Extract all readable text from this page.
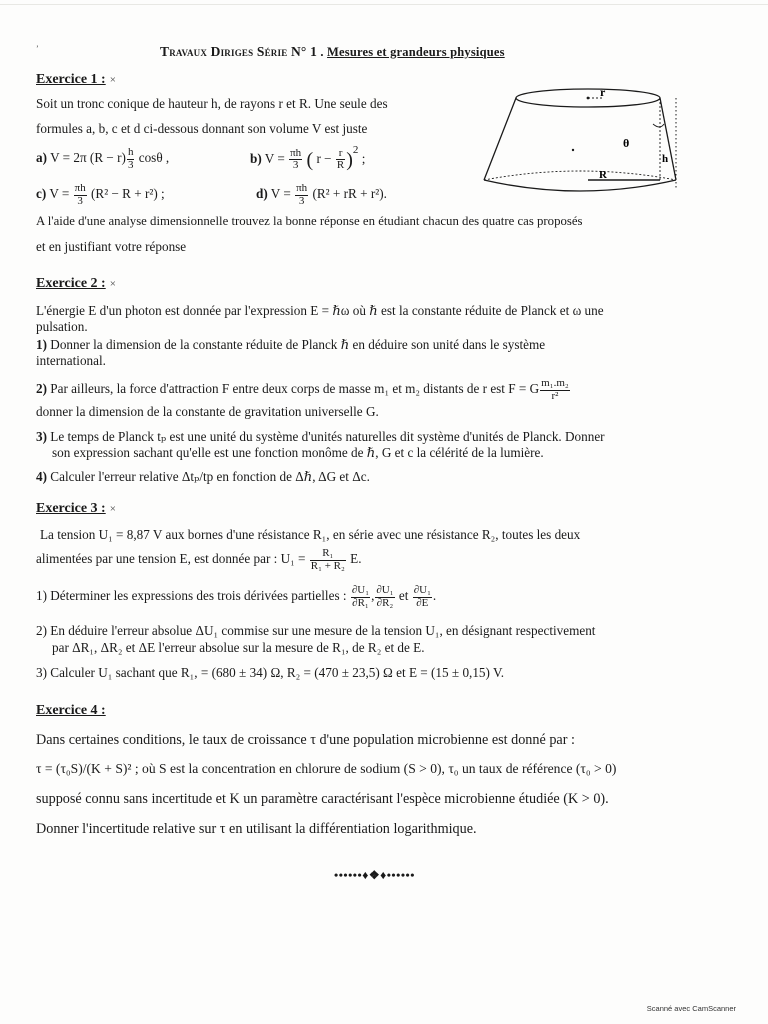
ʼ	Travaux Diriges Série N° 1 . Mesures et grandeurs physiques
Exercice 1 : ×
Soit un tronc conique de hauteur h, de rayons r et R. Une seule des
formules a, b, c et d ci-dessous donnant son volume V est juste
a) V = 2π $(R - r) \frac{h}{3}$ cosθ ,	b) $V = \frac{\pi h}{3}$ ( $r - \frac{r}{R} )^2$ ;
c) $V = \frac{\pi h}{3} (R^2 - R + r^2)$ ;	d) $V = \frac{\pi h}{3} (R^2$ + rR + r²).
A l'aide d'une analyse dimensionnelle trouvez la bonne réponse en étudiant chacun des quatre cas proposés
et en justifiant votre réponse
r
θ
h
R
Exercice 2 : ×
L'énergie E d'un photon est donnée par l'expression E = ℏω où ℏ est la constante réduite de Planck et ω une
pulsation.
1) Donner la dimension de la constante réduite de Planck ℏ en déduire son unité dans le système
international.
2) Par ailleurs, la force d'attraction F entre deux corps de masse m₁ et m₂ distants de r est F = G $\frac{\text{m₁.m₂}}{\text{r²}}$
donner la dimension de la constante de gravitation universelle G.
3) Le temps de Planck tₚ est une unité du système d'unités naturelles dit système d'unités de Planck. Donner
son expression sachant qu'elle est une fonction monôme de ℏ, G et c la célérité de la lumière.
4) Calculer l'erreur relative Δtₚ/tp en fonction de Δℏ, ΔG et Δc.
Exercice 3 : ×
La tension U₁ = 8,87 V aux bornes d'une résistance R₁, en série avec une résistance R₂, toutes les deux
alimentées par une tension E, est donnée par : $U_1 = \frac{\text{R₁}}{\text{R₁ + R₂}} E$.
1) Déterminer les expressions des trois dérivées partielles : $\frac{\text{∂U₁}}{\text{∂R₁}}$ , $\frac{\text{∂U₁}}{\text{∂R₂}}$ et $\frac{\text{∂U₁}}{\partial E}$ .
2) En déduire l'erreur absolue ΔU₁ commise sur une mesure de la tension U₁, en désignant respectivement
par ΔR₁, ΔR₂ et ΔE l'erreur absolue sur la mesure de R₁, de R₂ et de E.
3) Calculer U₁ sachant que R₁, = (680 ± 34) Ω, R₂ = (470 ± 23,5) Ω et E = (15 ± 0,15) V.
Exercice 4 :
Dans certaines conditions, le taux de croissance τ d'une population microbienne est donné par :
τ = (τ₀S)/(K + S)² ; où S est la concentration en chlorure de sodium (S > 0), τ₀ un taux de référence (τ₀ > 0)
supposé connu sans incertitude et K un paramètre caractérisant l'espèce microbienne étudiée (K > 0).
Donner l'incertitude relative sur τ en utilisant la différentiation logarithmique.
••••••♦❖♦••••••
Scanné avec CamScanner
